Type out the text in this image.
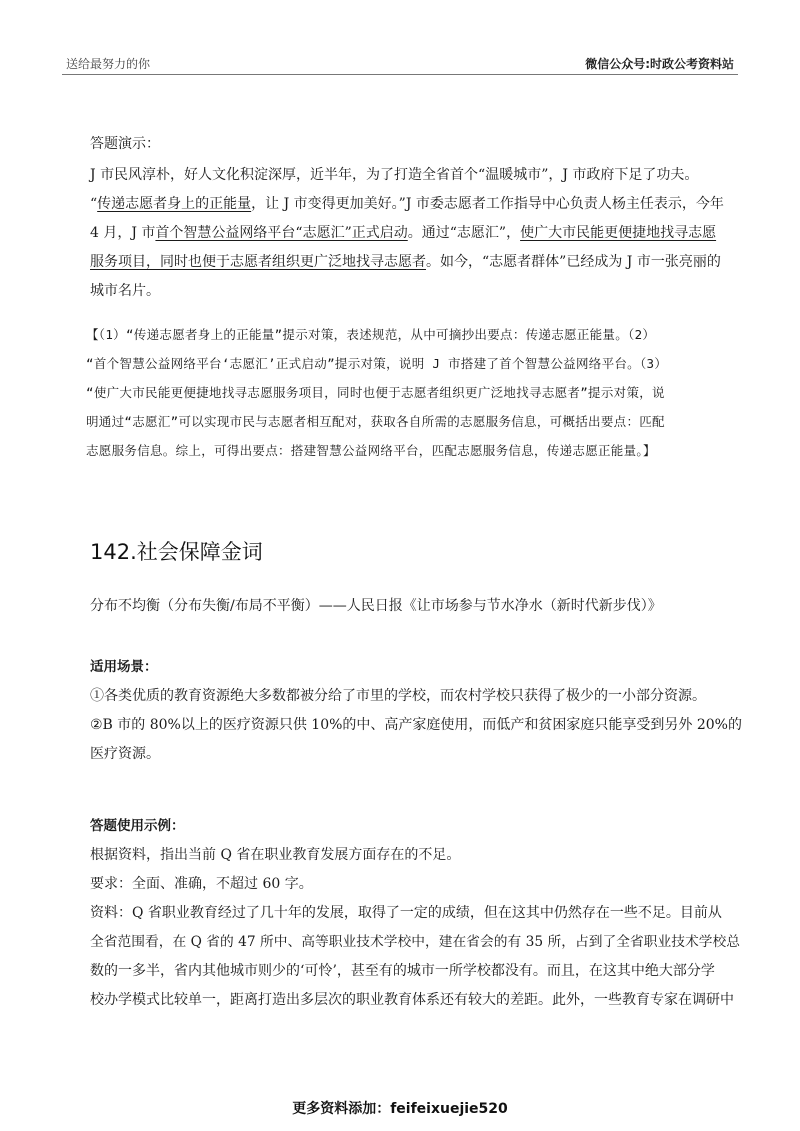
送给最努力的你	微信公众号:时政公考资料站
答题演示：
J 市民风淳朴，好人文化积淀深厚，近半年，为了打造全省首个“温暖城市”，J 市政府下足了功夫。
“传递志愿者身上的正能量，让 J 市变得更加美好。”J 市委志愿者工作指导中心负责人杨主任表示，今年
4 月，J 市首个智慧公益网络平台“志愿汇”正式启动。通过“志愿汇”，使广大市民能更便捷地找寻志愿
服务项目，同时也便于志愿者组织更广泛地找寻志愿者。如今，“志愿者群体”已经成为 J 市一张亮丽的
城市名片。
【（1）“传递志愿者身上的正能量”提示对策，表述规范，从中可摘抄出要点：传递志愿正能量。（2）
“首个智慧公益网络平台‘志愿汇’正式启动”提示对策，说明 J 市搭建了首个智慧公益网络平台。（3）
“使广大市民能更便捷地找寻志愿服务项目，同时也便于志愿者组织更广泛地找寻志愿者”提示对策，说
明通过“志愿汇”可以实现市民与志愿者相互配对，获取各自所需的志愿服务信息，可概括出要点：匹配
志愿服务信息。综上，可得出要点：搭建智慧公益网络平台，匹配志愿服务信息，传递志愿正能量。】
142.社会保障金词
分布不均衡（分布失衡/布局不平衡）——人民日报《让市场参与节水净水（新时代新步伐）》
适用场景：
①各类优质的教育资源绝大多数都被分给了市里的学校，而农村学校只获得了极少的一小部分资源。
②B 市的 80%以上的医疗资源只供 10%的中、高产家庭使用，而低产和贫困家庭只能享受到另外 20%的
医疗资源。
答题使用示例：
根据资料，指出当前 Q 省在职业教育发展方面存在的不足。
要求：全面、准确，不超过 60 字。
资料：Q 省职业教育经过了几十年的发展，取得了一定的成绩，但在这其中仍然存在一些不足。目前从
全省范围看，在 Q 省的 47 所中、高等职业技术学校中，建在省会的有 35 所，占到了全省职业技术学校总
数的一多半，省内其他城市则少的‘可怜’，甚至有的城市一所学校都没有。而且，在这其中绝大部分学
校办学模式比较单一，距离打造出多层次的职业教育体系还有较大的差距。此外，一些教育专家在调研中
更多资料添加：feifeixuejie520
